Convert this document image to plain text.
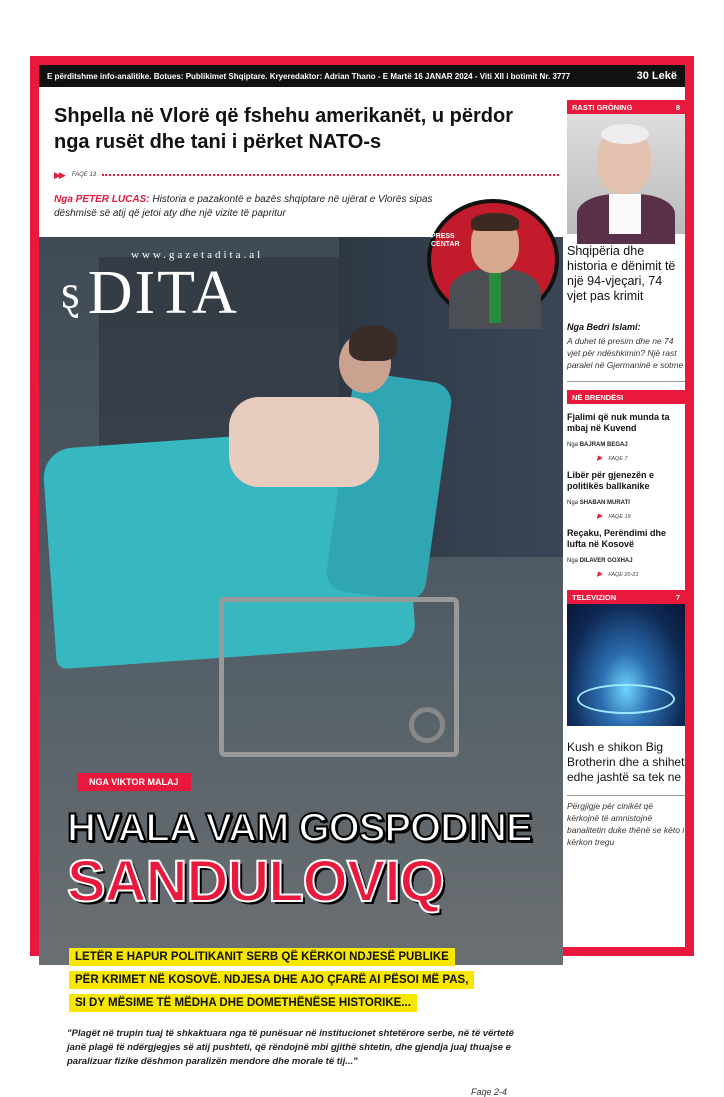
E përditshme info-analitike. Botues: Publikimet Shqiptare. Kryeredaktor: Adrian Thano - E Martë 16 JANAR 2024 - Viti XII i botimit Nr. 3777	30 Lekë
Shpella në Vlorë që fshehu amerikanët, u përdor nga rusët dhe tani i përket NATO-s
▶▶ FAQE 13
Nga PETER LUCAS: Historia e pazakontë e bazës shqiptare në ujërat e Vlorës sipas dëshmisë së atij që jetoi aty dhe një vizite të papritur
www.gazetadita.al
ȿ DITA
NGA VIKTOR MALAJ
HVALA VAM GOSPODINE
SANDULOVIQ
LETËR E HAPUR POLITIKANIT SERB QË KËRKOI NDJESË PUBLIKE
PËR KRIMET NË KOSOVË. NDJESA DHE AJO ÇFARË AI PËSOI MË PAS,
SI DY MËSIME TË MËDHA DHE DOMETHËNËSE HISTORIKE...
"Plagët në trupin tuaj të shkaktuara nga të punësuar në institucionet shtetërore serbe, në të vërtetë janë plagë të ndërgjegjes së atij pushteti, që rëndojnë mbi gjithë shtetin, dhe gjendja juaj thuajse e paralizuar fizike dëshmon paralizën mendore dhe morale të tij..."
Faqe 2-4
PRESS
CENTAR
RASTI GRÖNING	8
Shqipëria dhe historia e dënimit të një 94-vjeçari, 74 vjet pas krimit
Nga Bedri Islami:
A duhet të presim dhe ne 74 vjet për ndëshkimin? Një rast paralel në Gjermaninë e sotme
NË BRENDËSI
Fjalimi që nuk munda ta mbaj në Kuvend
Nga BAJRAM BEGAJ
▶ FAQE 7
Libër për gjenezën e politikës ballkanike
Nga SHABAN MURATI
▶ FAQE 19
Reçaku, Perëndimi dhe lufta në Kosovë
Nga DILAVER GOXHAJ
▶ FAQE 20-21
TELEVIZION	7
Kush e shikon Big Brotherin dhe a shihet edhe jashtë sa tek ne
Përgjigje për cinikët që kërkojnë të amnistojnë banalitetin duke thënë se këto i kërkon tregu
